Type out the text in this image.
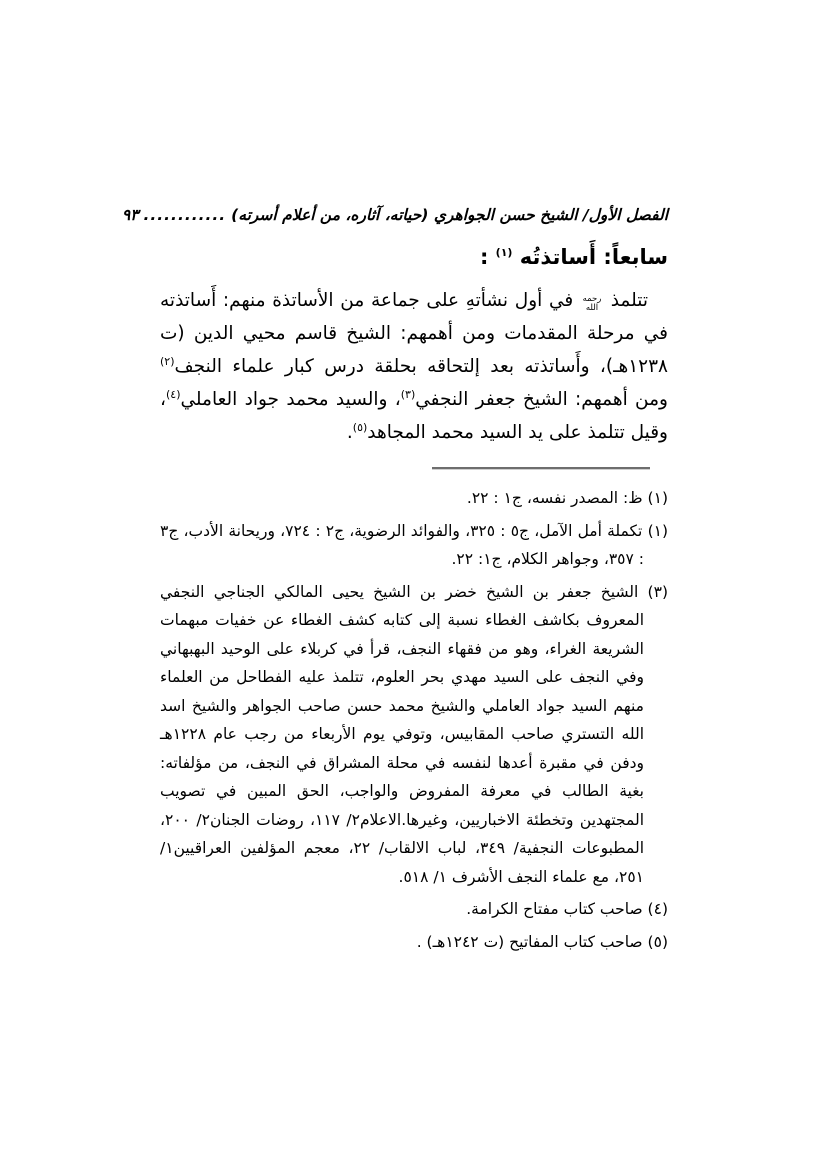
الفصل الأول/ الشيخ حسن الجواهري (حياته، آثاره، من أعلام أسرته)
............
٩٣
سابعاً: أَساتذتُه $^{(١)}$ :

تتلمذ رحمه
الله في أول نشأتهِ على جماعة من الأساتذة منهم: أَساتذته في مرحلة المقدمات ومن أهمهم: الشيخ قاسم محيي الدين (ت ١٢٣٨هـ)، وأَساتذته بعد إلتحاقه بحلقة درس كبار علماء النجف$^{(٢)}$ ومن أهمهم: الشيخ جعفر النجفي$^{(٣)}$، والسيد محمد جواد العاملي$^{(٤)}$، وقيل تتلمذ على يد السيد محمد المجاهد$^{(٥)}$.

(١) ظ: المصدر نفسه، ج١ : ٢٢.
(١) تكملة أمل الآمل، ج٥ : ٣٢٥، والفوائد الرضوية، ج٢ : ٧٢٤، وريحانة الأدب، ج٣ : ٣٥٧، وجواهر الكلام، ج١: ٢٢.
(٣) الشيخ جعفر بن الشيخ خضر بن الشيخ يحيى المالكي الجناجي النجفي المعروف بكاشف الغطاء نسبة إلى كتابه كشف الغطاء عن خفيات مبهمات الشريعة الغراء، وهو من فقهاء النجف، قرأ في كربلاء على الوحيد البهبهاني وفي النجف على السيد مهدي بحر العلوم، تتلمذ عليه الفطاحل من العلماء منهم السيد جواد العاملي والشيخ محمد حسن صاحب الجواهر والشيخ اسد الله التستري صاحب المقابيس، وتوفي يوم الأربعاء من رجب عام ١٢٢٨هـ ودفن في مقبرة أعدها لنفسه في محلة المشراق في النجف، من مؤلفاته: بغية الطالب في معرفة المفروض والواجب، الحق المبين في تصويب المجتهدين وتخطئة الاخباريين، وغيرها.الاعلام٢/ ١١٧، روضات الجنان٢/ ٢٠٠، المطبوعات النجفية/ ٣٤٩، لباب الالقاب/ ٢٢، معجم المؤلفين العراقيين١/ ٢٥١، مع علماء النجف الأشرف ١/ ٥١٨.
(٤) صاحب كتاب مفتاح الكرامة.
(٥) صاحب كتاب المفاتيح (ت ١٢٤٢هـ) .
